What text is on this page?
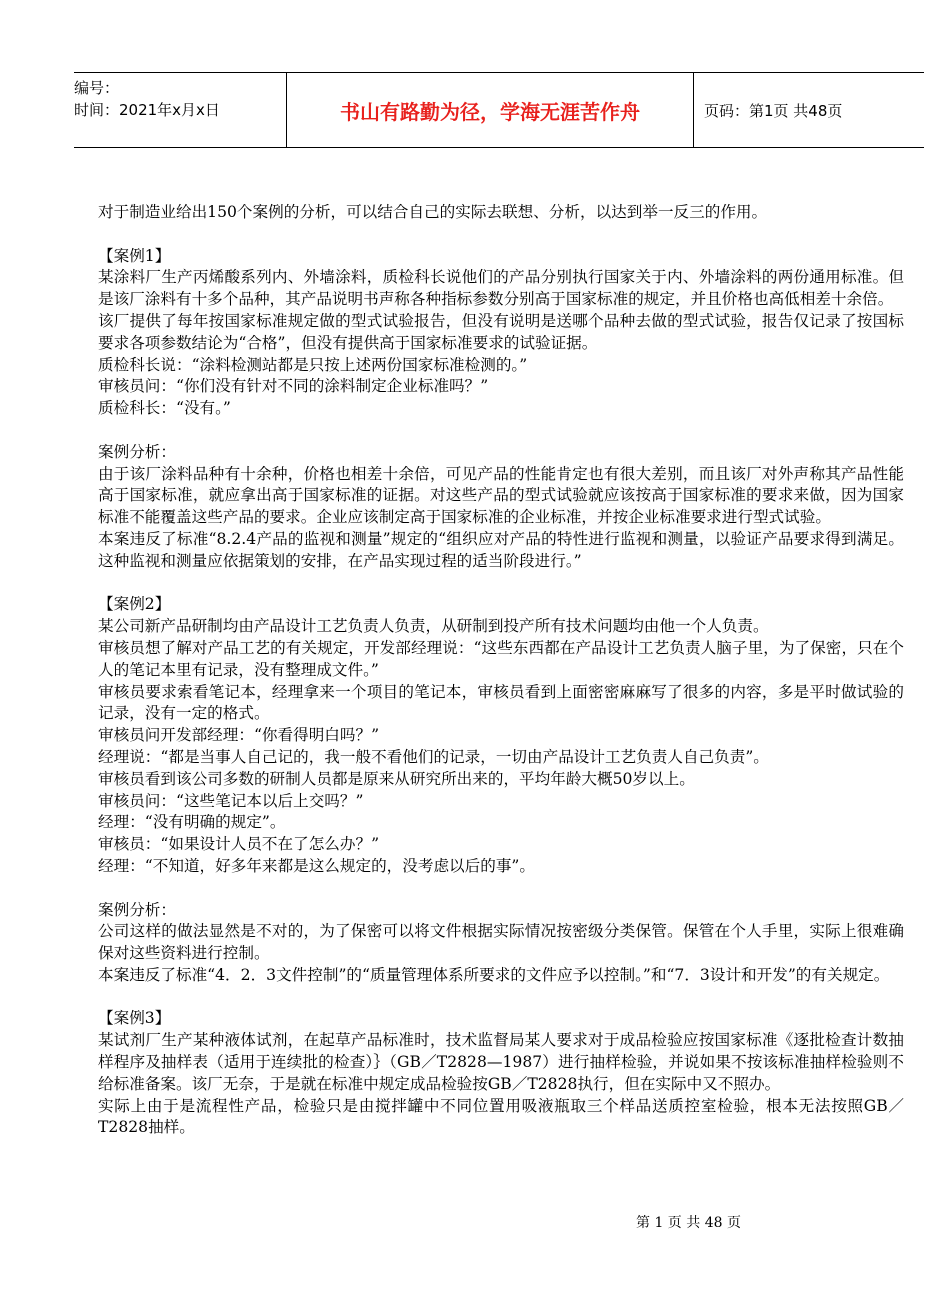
编号：
时间：2021年x月x日	书山有路勤为径，学海无涯苦作舟	页码：第1页 共48页

对于制造业给出150个案例的分析，可以结合自己的实际去联想、分析，以达到举一反三的作用。

【案例1】

某涂料厂生产丙烯酸系列内、外墙涂料，质检科长说他们的产品分别执行国家关于内、外墙涂料的两份通用标准。但是该厂涂料有十多个品种，其产品说明书声称各种指标参数分别高于国家标准的规定，并且价格也高低相差十余倍。

该厂提供了每年按国家标准规定做的型式试验报告，但没有说明是送哪个品种去做的型式试验，报告仅记录了按国标要求各项参数结论为“合格”，但没有提供高于国家标准要求的试验证据。

质检科长说：“涂料检测站都是只按上述两份国家标准检测的。”

审核员问：“你们没有针对不同的涂料制定企业标准吗？”

质检科长：“没有。”

案例分析：

由于该厂涂料品种有十余种，价格也相差十余倍，可见产品的性能肯定也有很大差别，而且该厂对外声称其产品性能高于国家标准，就应拿出高于国家标准的证据。对这些产品的型式试验就应该按高于国家标准的要求来做，因为国家标准不能覆盖这些产品的要求。企业应该制定高于国家标准的企业标准，并按企业标准要求进行型式试验。

本案违反了标准“8.2.4产品的监视和测量”规定的“组织应对产品的特性进行监视和测量，以验证产品要求得到满足。这种监视和测量应依据策划的安排，在产品实现过程的适当阶段进行。”

【案例2】

某公司新产品研制均由产品设计工艺负责人负责，从研制到投产所有技术问题均由他一个人负责。

审核员想了解对产品工艺的有关规定，开发部经理说：“这些东西都在产品设计工艺负责人脑子里，为了保密，只在个人的笔记本里有记录，没有整理成文件。”

审核员要求索看笔记本，经理拿来一个项目的笔记本，审核员看到上面密密麻麻写了很多的内容，多是平时做试验的记录，没有一定的格式。

审核员问开发部经理：“你看得明白吗？”

经理说：“都是当事人自己记的，我一般不看他们的记录，一切由产品设计工艺负责人自己负责”。

审核员看到该公司多数的研制人员都是原来从研究所出来的，平均年龄大概50岁以上。

审核员问：“这些笔记本以后上交吗？”

经理：“没有明确的规定”。

审核员：“如果设计人员不在了怎么办？”

经理：“不知道，好多年来都是这么规定的，没考虑以后的事”。

案例分析：

公司这样的做法显然是不对的，为了保密可以将文件根据实际情况按密级分类保管。保管在个人手里，实际上很难确保对这些资料进行控制。

本案违反了标准“4．2．3文件控制”的“质量管理体系所要求的文件应予以控制。”和“7．3设计和开发”的有关规定。

【案例3】

某试剂厂生产某种液体试剂，在起草产品标准时，技术监督局某人要求对于成品检验应按国家标准《逐批检查计数抽样程序及抽样表（适用于连续批的检查）｝（GB／T2828—1987）进行抽样检验，并说如果不按该标准抽样检验则不给标准备案。该厂无奈，于是就在标准中规定成品检验按GB／T2828执行，但在实际中又不照办。

实际上由于是流程性产品，检验只是由搅拌罐中不同位置用吸液瓶取三个样品送质控室检验，根本无法按照GB／T2828抽样。

第 1 页 共 48 页
